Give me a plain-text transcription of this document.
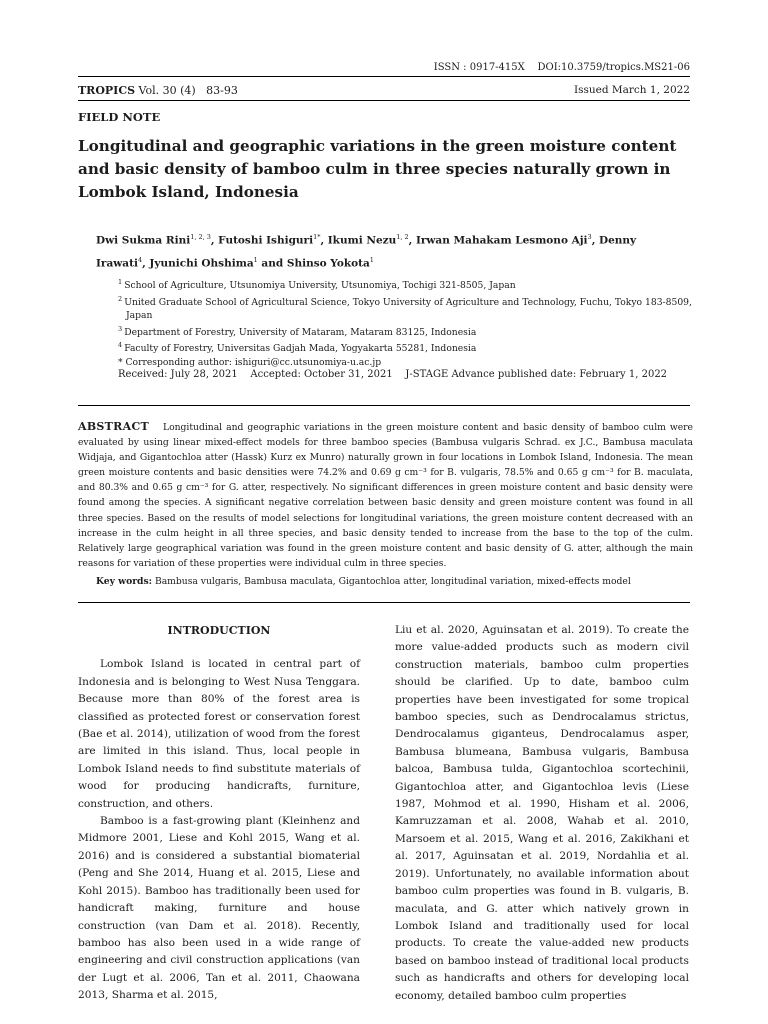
ISSN : 0917-415X    DOI:10.3759/tropics.MS21-06
TROPICS Vol. 30 (4)   83-93	Issued March 1, 2022
FIELD NOTE
Longitudinal and geographic variations in the green moisture content and basic density of bamboo culm in three species naturally grown in Lombok Island, Indonesia
Dwi Sukma Rini$^{1, 2, 3}$, Futoshi Ishiguri$^{1*}$, Ikumi Nezu$^{1, 2}$, Irwan Mahakam Lesmono Aji$^3$, Denny Irawati$^4$, Jyunichi Ohshima$^1$ and Shinso Yokota$^1$

$^1$ School of Agriculture, Utsunomiya University, Utsunomiya, Tochigi 321-8505, Japan

$^2$ United Graduate School of Agricultural Science, Tokyo University of Agriculture and Technology, Fuchu, Tokyo 183-8509,

Japan

$^3$ Department of Forestry, University of Mataram, Mataram 83125, Indonesia

$^4$ Faculty of Forestry, Universitas Gadjah Mada, Yogyakarta 55281, Indonesia

* Corresponding author: ishiguri@cc.utsunomiya-u.ac.jp

Received: July 28, 2021    Accepted: October 31, 2021    J-STAGE Advance published date: February 1, 2022
ABSTRACT Longitudinal and geographic variations in the green moisture content and basic density of bamboo culm were evaluated by using linear mixed-effect models for three bamboo species (Bambusa vulgaris Schrad. ex J.C., Bambusa maculata Widjaja, and Gigantochloa atter (Hassk) Kurz ex Munro) naturally grown in four locations in Lombok Island, Indonesia. The mean green moisture contents and basic densities were 74.2% and 0.69 g cm⁻³ for B. vulgaris, 78.5% and 0.65 g cm⁻³ for B. maculata, and 80.3% and 0.65 g cm⁻³ for G. atter, respectively. No significant differences in green moisture content and basic density were found among the species. A significant negative correlation between basic density and green moisture content was found in all three species. Based on the results of model selections for longitudinal variations, the green moisture content decreased with an increase in the culm height in all three species, and basic density tended to increase from the base to the top of the culm. Relatively large geographical variation was found in the green moisture content and basic density of G. atter, although the main reasons for variation of these properties were individual culm in three species.
Key words: Bambusa vulgaris, Bambusa maculata, Gigantochloa atter, longitudinal variation, mixed-effects model
INTRODUCTION

Lombok Island is located in central part of Indonesia and is belonging to West Nusa Tenggara. Because more than 80% of the forest area is classified as protected forest or conservation forest (Bae et al. 2014), utilization of wood from the forest are limited in this island. Thus, local people in Lombok Island needs to find substitute materials of wood for producing handicrafts, furniture, construction, and others.

Bamboo is a fast-growing plant (Kleinhenz and Midmore 2001, Liese and Kohl 2015, Wang et al. 2016) and is considered a substantial biomaterial (Peng and She 2014, Huang et al. 2015, Liese and Kohl 2015). Bamboo has traditionally been used for handicraft making, furniture and house construction (van Dam et al. 2018). Recently, bamboo has also been used in a wide range of engineering and civil construction applications (van der Lugt et al. 2006, Tan et al. 2011, Chaowana 2013, Sharma et al. 2015,

Liu et al. 2020, Aguinsatan et al. 2019). To create the more value-added products such as modern civil construction materials, bamboo culm properties should be clarified. Up to date, bamboo culm properties have been investigated for some tropical bamboo species, such as Dendrocalamus strictus, Dendrocalamus giganteus, Dendrocalamus asper, Bambusa blumeana, Bambusa vulgaris, Bambusa balcoa, Bambusa tulda, Gigantochloa scortechinii, Gigantochloa atter, and Gigantochloa levis (Liese 1987, Mohmod et al. 1990, Hisham et al. 2006, Kamruzzaman et al. 2008, Wahab et al. 2010, Marsoem et al. 2015, Wang et al. 2016, Zakikhani et al. 2017, Aguinsatan et al. 2019, Nordahlia et al. 2019). Unfortunately, no available information about bamboo culm properties was found in B. vulgaris, B. maculata, and G. atter which natively grown in Lombok Island and traditionally used for local products. To create the value-added new products based on bamboo instead of traditional local products such as handicrafts and others for developing local economy, detailed bamboo culm properties
